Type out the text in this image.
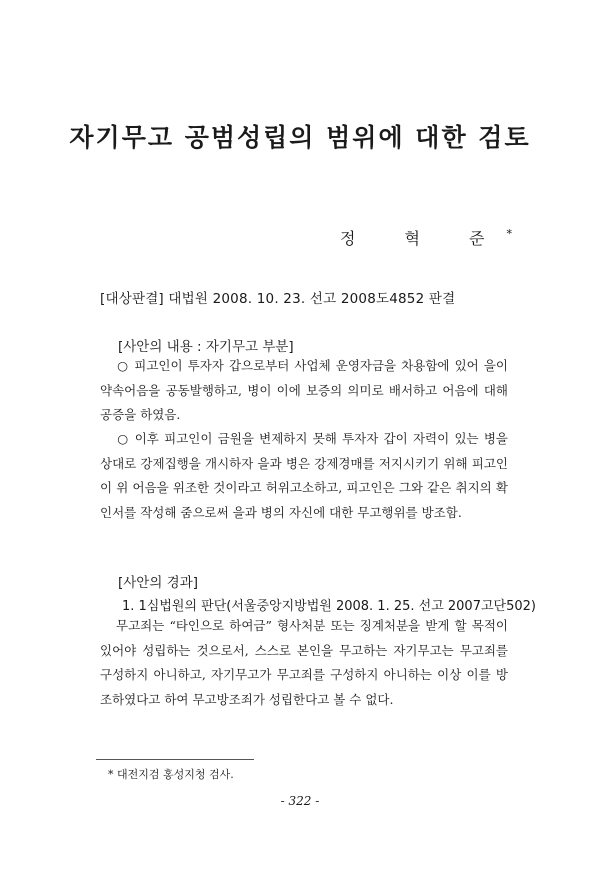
자기무고 공범성립의 범위에 대한 검토
정 혁 준*
[대상판결] 대법원 2008. 10. 23. 선고 2008도4852 판결
[사안의 내용 : 자기무고 부분]

○ 피고인이 투자자 갑으로부터 사업체 운영자금을 차용함에 있어 을이 약속어음을 공동발행하고, 병이 이에 보증의 의미로 배서하고 어음에 대해 공증을 하였음.

○ 이후 피고인이 금원을 변제하지 못해 투자자 갑이 자력이 있는 병을 상대로 강제집행을 개시하자 을과 병은 강제경매를 저지시키기 위해 피고인이 위 어음을 위조한 것이라고 허위고소하고, 피고인은 그와 같은 취지의 확인서를 작성해 줌으로써 을과 병의 자신에 대한 무고행위를 방조함.

[사안의 경과]
1. 1심법원의 판단(서울중앙지방법원 2008. 1. 25. 선고 2007고단502)

무고죄는 “타인으로 하여금” 형사처분 또는 징계처분을 받게 할 목적이 있어야 성립하는 것으로서, 스스로 본인을 무고하는 자기무고는 무고죄를 구성하지 아니하고, 자기무고가 무고죄를 구성하지 아니하는 이상 이를 방조하였다고 하여 무고방조죄가 성립한다고 볼 수 없다.

* 대전지검 홍성지청 검사.
- 322 -
